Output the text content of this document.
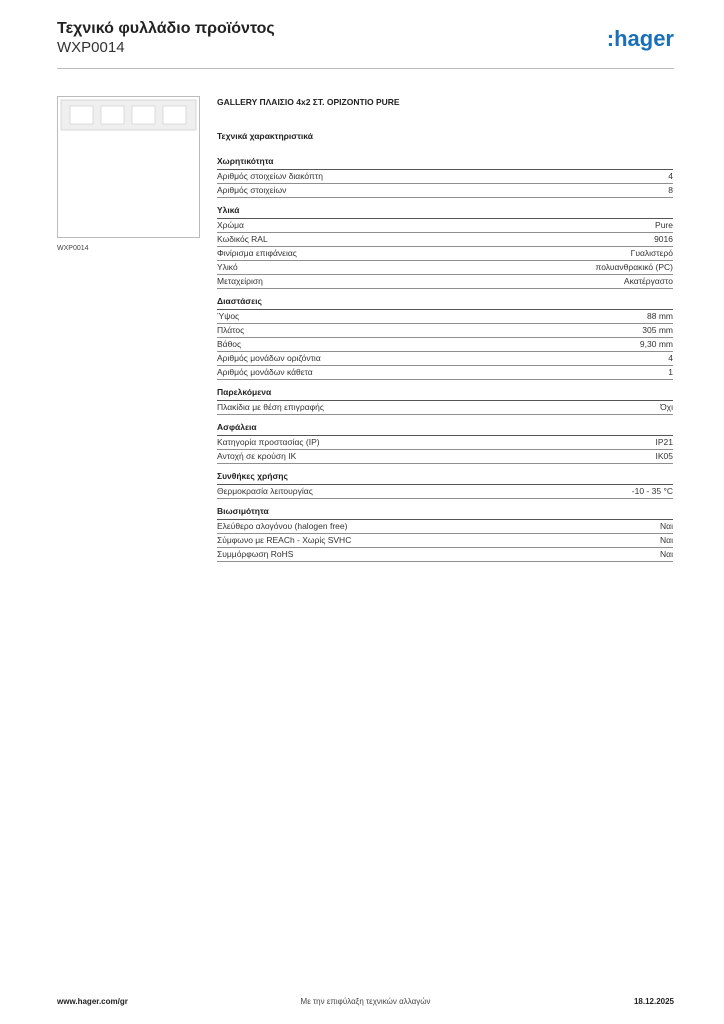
Τεχνικό φυλλάδιο προϊόντος
WXP0014	:hager
WXP0014
GALLERY ΠΛΑΙΣΙΟ 4x2 ΣΤ. ΟΡΙΖΟΝΤΙΟ PURE
Τεχνικά χαρακτηριστικά
Χωρητικότητα
Αριθμός στοιχείων διακόπτη	4
Αριθμός στοιχείων	8
Υλικά
Χρώμα	Pure
Κωδικός RAL	9016
Φινίρισμα επιφάνειας	Γυαλιστερό
Υλικό	πολυανθρακικό (PC)
Μεταχείριση	Ακατέργαστο
Διαστάσεις
Ύψος	88 mm
Πλάτος	305 mm
Βάθος	9,30 mm
Αριθμός μονάδων οριζόντια	4
Αριθμός μονάδων κάθετα	1
Παρελκόμενα
Πλακίδια με θέση επιγραφής	Όχι
Ασφάλεια
Κατηγορία προστασίας (IP)	IP21
Αντοχή σε κρούση IK	IK05
Συνθήκες χρήσης
Θερμοκρασία λειτουργίας	-10 - 35 °C
Βιωσιμότητα
Ελεύθερο αλογόνου (halogen free)	Ναι
Σύμφωνο με REACh - Χωρίς SVHC	Ναι
Συμμόρφωση RoHS	Ναι
www.hager.com/gr	Με την επιφύλαξη τεχνικών αλλαγών	18.12.2025
